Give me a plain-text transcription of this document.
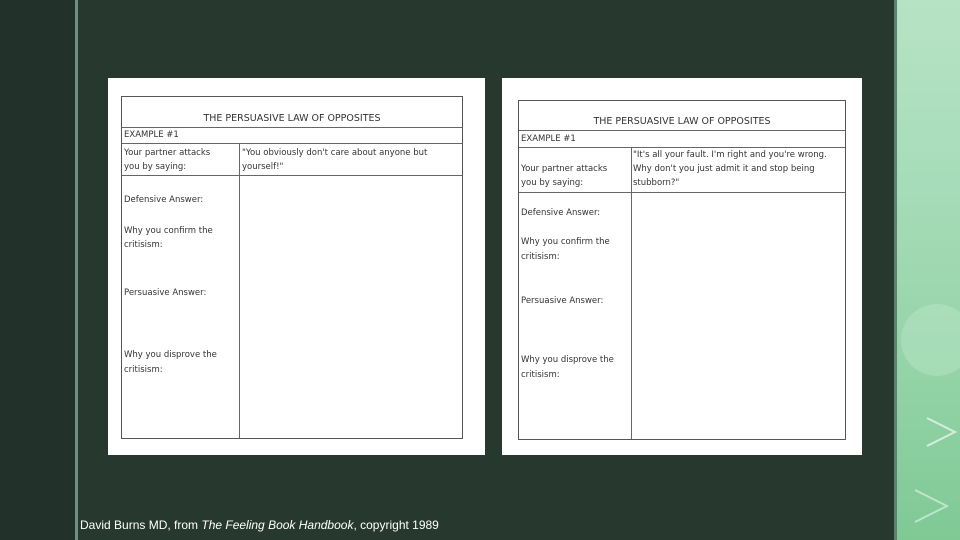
THE PERSUASIVE LAW OF OPPOSITES
EXAMPLE #1
Your partner attacks
you by saying:
"You obviously don't care about anyone but
yourself!"
Defensive Answer:
Why you confirm the
critisism:
Persuasive Answer:
Why you disprove the
critisism:
THE PERSUASIVE LAW OF OPPOSITES
EXAMPLE #1
Your partner attacks
you by saying:
"It's all your fault. I'm right and you're wrong.
Why don't you just admit it and stop being
stubborn?"
Defensive Answer:
Why you confirm the
critisism:
Persuasive Answer:
Why you disprove the
critisism:
David Burns MD, from The Feeling Book Handbook, copyright 1989
